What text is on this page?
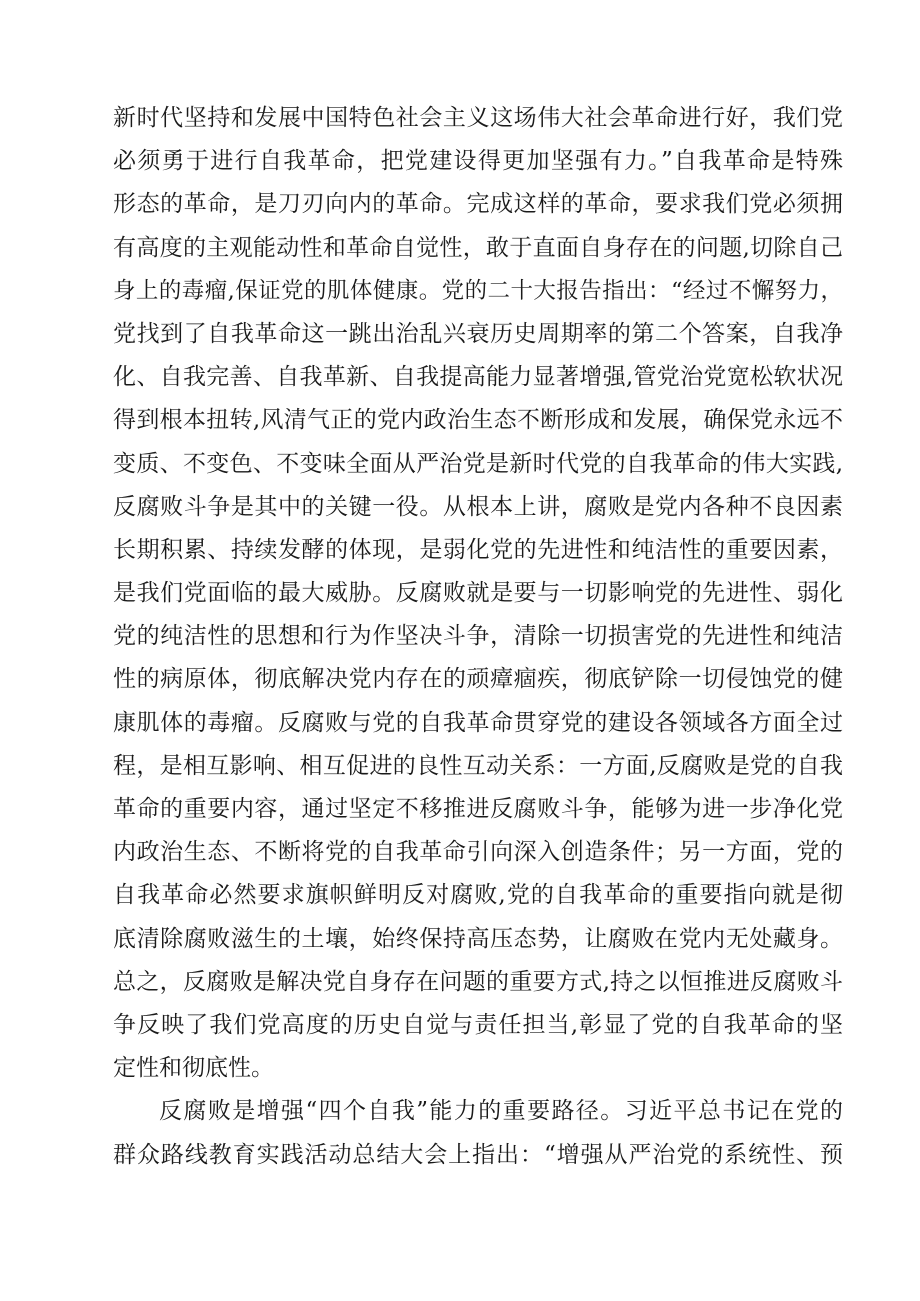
新时代坚持和发展中国特色社会主义这场伟大社会革命进行好，我们党
必须勇于进行自我革命，把党建设得更加坚强有力。”自我革命是特殊
形态的革命，是刀刃向内的革命。完成这样的革命，要求我们党必须拥
有高度的主观能动性和革命自觉性，敢于直面自身存在的问题,切除自己
身上的毒瘤,保证党的肌体健康。党的二十大报告指出：“经过不懈努力，
党找到了自我革命这一跳出治乱兴衰历史周期率的第二个答案，自我净
化、自我完善、自我革新、自我提高能力显著增强,管党治党宽松软状况
得到根本扭转,风清气正的党内政治生态不断形成和发展，确保党永远不
变质、不变色、不变味全面从严治党是新时代党的自我革命的伟大实践,
反腐败斗争是其中的关键一役。从根本上讲，腐败是党内各种不良因素
长期积累、持续发酵的体现，是弱化党的先进性和纯洁性的重要因素，
是我们党面临的最大威胁。反腐败就是要与一切影响党的先进性、弱化
党的纯洁性的思想和行为作坚决斗争，清除一切损害党的先进性和纯洁
性的病原体，彻底解决党内存在的顽瘴痼疾，彻底铲除一切侵蚀党的健
康肌体的毒瘤。反腐败与党的自我革命贯穿党的建设各领域各方面全过
程，是相互影响、相互促进的良性互动关系：一方面,反腐败是党的自我
革命的重要内容，通过坚定不移推进反腐败斗争，能够为进一步净化党
内政治生态、不断将党的自我革命引向深入创造条件；另一方面，党的
自我革命必然要求旗帜鲜明反对腐败,党的自我革命的重要指向就是彻
底清除腐败滋生的土壤，始终保持高压态势，让腐败在党内无处藏身。
总之，反腐败是解决党自身存在问题的重要方式,持之以恒推进反腐败斗
争反映了我们党高度的历史自觉与责任担当,彰显了党的自我革命的坚
定性和彻底性。
反腐败是增强“四个自我”能力的重要路径。习近平总书记在党的
群众路线教育实践活动总结大会上指出：“增强从严治党的系统性、预
